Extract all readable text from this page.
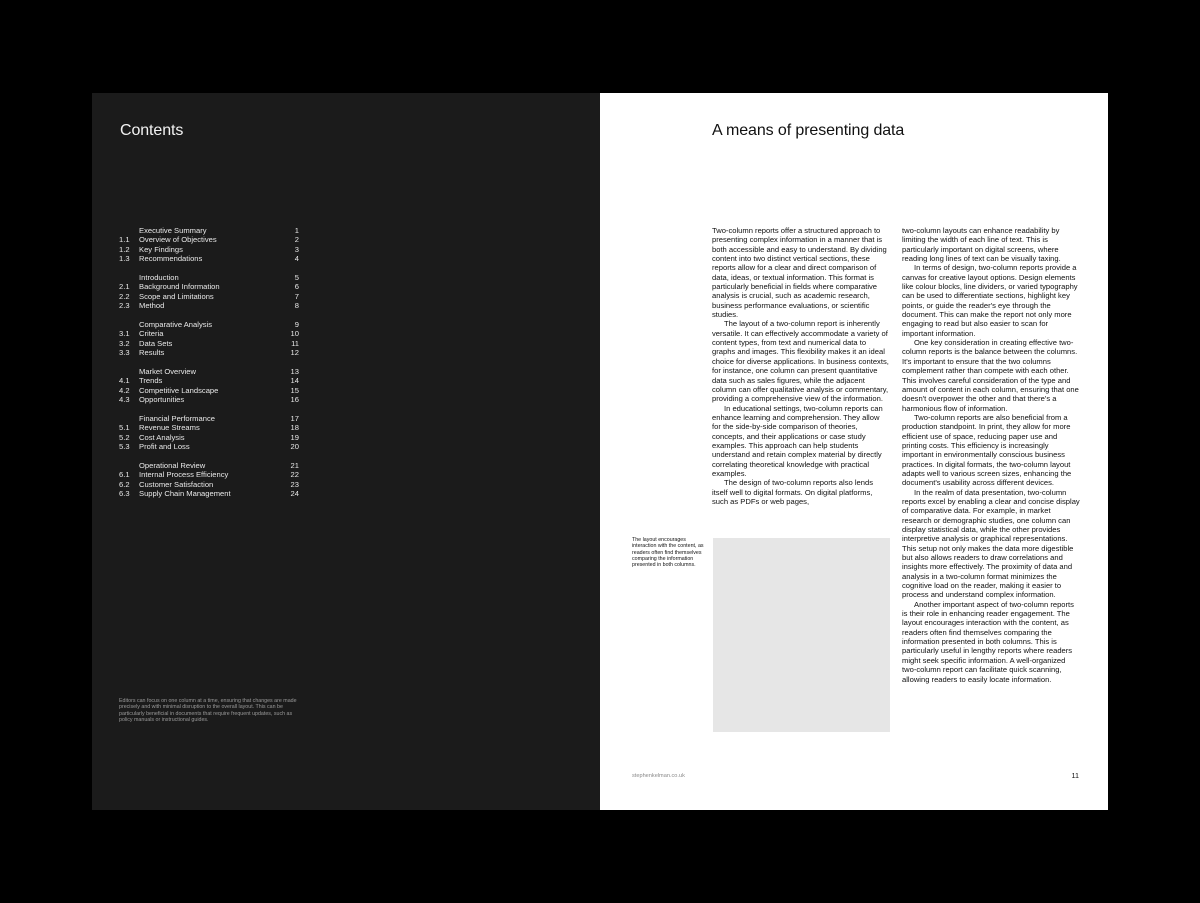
Contents
Executive Summary	1
1.1	Overview of Objectives	2
1.2	Key Findings	3
1.3	Recommendations	4
Introduction	5
2.1	Background Information	6
2.2	Scope and Limitations	7
2.3	Method	8
Comparative Analysis	9
3.1	Criteria	10
3.2	Data Sets	11
3.3	Results	12
Market Overview	13
4.1	Trends	14
4.2	Competitive Landscape	15
4.3	Opportunities	16
Financial Performance	17
5.1	Revenue Streams	18
5.2	Cost Analysis	19
5.3	Profit and Loss	20
Operational Review	21
6.1	Internal Process Efficiency	22
6.2	Customer Satisfaction	23
6.3	Supply Chain Management	24
Editors can focus on one column at a time, ensuring that changes are made precisely and with minimal disruption to the overall layout. This can be particularly beneficial in documents that require frequent updates, such as policy manuals or instructional guides.
A means of presenting data

Two-column reports offer a structured approach to presenting complex information in a manner that is both accessible and easy to understand. By dividing content into two distinct vertical sections, these reports allow for a clear and direct comparison of data, ideas, or textual information. This format is particularly beneficial in fields where comparative analysis is crucial, such as academic research, business performance evaluations, or scientific studies.

The layout of a two-column report is inherently versatile. It can effectively accommodate a variety of content types, from text and numerical data to graphs and images. This flexibility makes it an ideal choice for diverse applications. In business contexts, for instance, one column can present quantitative data such as sales figures, while the adjacent column can offer qualitative analysis or commentary, providing a comprehensive view of the information.

In educational settings, two-column reports can enhance learning and comprehension. They allow for the side-by-side comparison of theories, concepts, and their applications or case study examples. This approach can help students understand and retain complex material by directly correlating theoretical knowledge with practical examples.

The design of two-column reports also lends itself well to digital formats. On digital platforms, such as PDFs or web pages,

two-column layouts can enhance readability by limiting the width of each line of text. This is particularly important on digital screens, where reading long lines of text can be visually taxing.

In terms of design, two-column reports provide a canvas for creative layout options. Design elements like colour blocks, line dividers, or varied typography can be used to differentiate sections, highlight key points, or guide the reader's eye through the document. This can make the report not only more engaging to read but also easier to scan for important information.

One key consideration in creating effective two-column reports is the balance between the columns. It's important to ensure that the two columns complement rather than compete with each other. This involves careful consideration of the type and amount of content in each column, ensuring that one doesn't overpower the other and that there's a harmonious flow of information.

Two-column reports are also beneficial from a production standpoint. In print, they allow for more efficient use of space, reducing paper use and printing costs. This efficiency is increasingly important in environmentally conscious business practices. In digital formats, the two-column layout adapts well to various screen sizes, enhancing the document's usability across different devices.

In the realm of data presentation, two-column reports excel by enabling a clear and concise display of comparative data. For example, in market research or demographic studies, one column can display statistical data, while the other provides interpretive analysis or graphical representations. This setup not only makes the data more digestible but also allows readers to draw correlations and insights more effectively. The proximity of data and analysis in a two-column format minimizes the cognitive load on the reader, making it easier to process and understand complex information.

Another important aspect of two-column reports is their role in enhancing reader engagement. The layout encourages interaction with the content, as readers often find themselves comparing the information presented in both columns. This is particularly useful in lengthy reports where readers might seek specific information. A well-organized two-column report can facilitate quick scanning, allowing readers to easily locate information.

The layout encourages interaction with the content, as readers often find themselves comparing the information presented in both columns.
stephenkelman.co.uk	11
